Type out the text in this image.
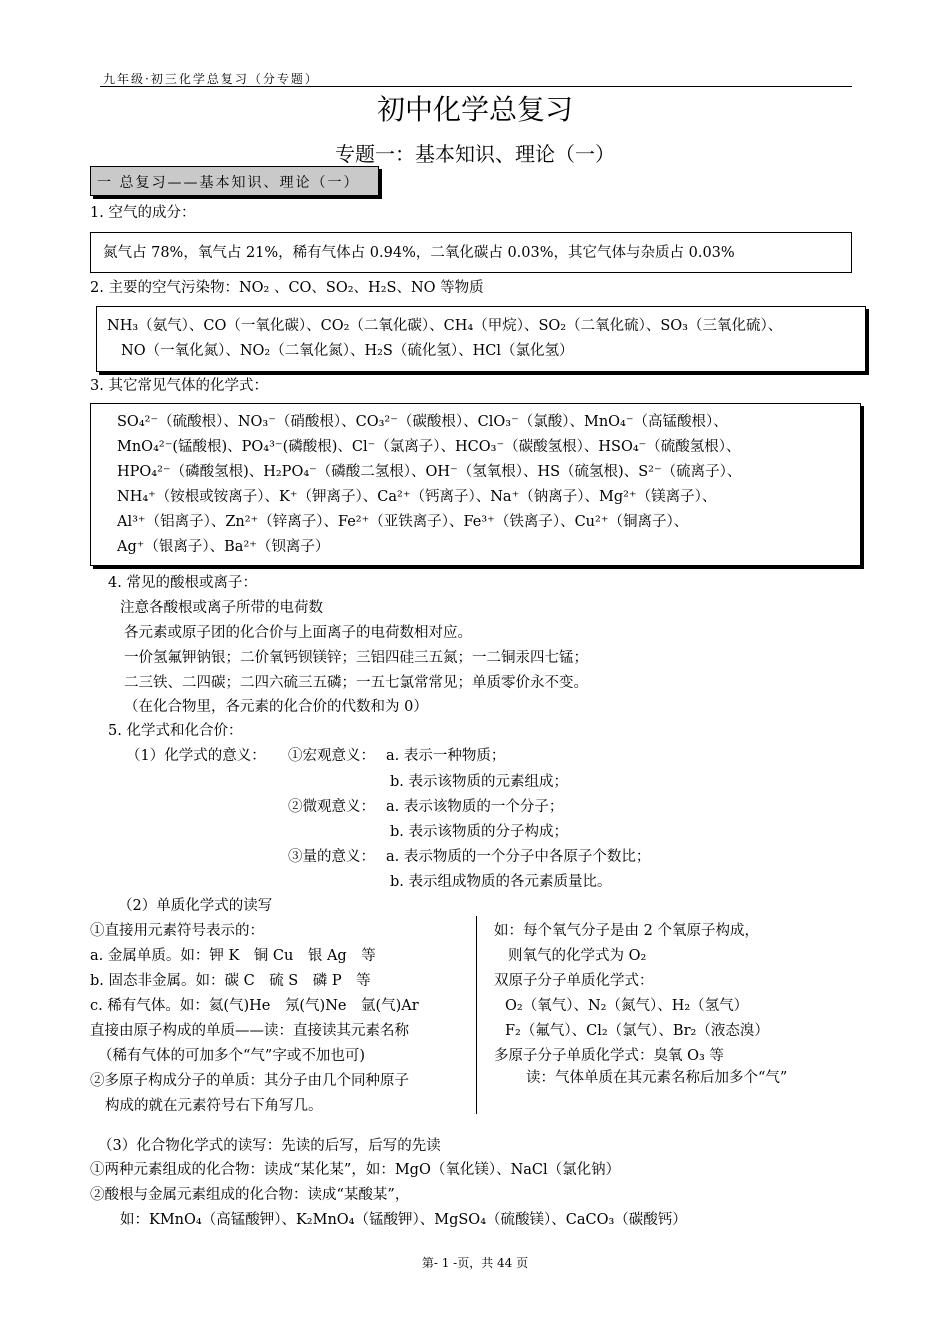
九年级·初三化学总复习（分专题）
初中化学总复习
专题一：基本知识、理论（一）
一 总复习——基本知识、理论（一）
1. 空气的成分：
氮气占 78%，氧气占 21%，稀有气体占 0.94%，二氧化碳占 0.03%，其它气体与杂质占 0.03%
2. 主要的空气污染物：NO₂ 、CO、SO₂、H₂S、NO 等物质
NH₃（氨气）、CO（一氧化碳）、CO₂（二氧化碳）、CH₄（甲烷）、SO₂（二氧化硫）、SO₃（三氧化硫）、
NO（一氧化氮）、NO₂（二氧化氮）、H₂S（硫化氢）、HCl（氯化氢）
3. 其它常见气体的化学式：
SO₄²⁻（硫酸根）、NO₃⁻（硝酸根）、CO₃²⁻（碳酸根）、ClO₃⁻（氯酸）、MnO₄⁻（高锰酸根）、
MnO₄²⁻(锰酸根)、PO₄³⁻(磷酸根)、Cl⁻（氯离子）、HCO₃⁻（碳酸氢根）、HSO₄⁻（硫酸氢根）、
HPO₄²⁻（磷酸氢根)、H₂PO₄⁻（磷酸二氢根）、OH⁻（氢氧根）、HS（硫氢根)、S²⁻（硫离子）、
NH₄⁺（铵根或铵离子）、K⁺（钾离子）、Ca²⁺（钙离子）、Na⁺（钠离子）、Mg²⁺（镁离子）、
Al³⁺（铝离子）、Zn²⁺（锌离子）、Fe²⁺（亚铁离子）、Fe³⁺（铁离子）、Cu²⁺（铜离子）、
Ag⁺（银离子）、Ba²⁺（钡离子）
4. 常见的酸根或离子：
注意各酸根或离子所带的电荷数
各元素或原子团的化合价与上面离子的电荷数相对应。
一价氢氟钾钠银；二价氧钙钡镁锌；三铝四硅三五氮；一二铜汞四七锰；
二三铁、二四碳；二四六硫三五磷；一五七氯常常见；单质零价永不变。
（在化合物里，各元素的化合价的代数和为 0）
5. 化学式和化合价：
（1）化学式的意义： ①宏观意义： a. 表示一种物质；
b. 表示该物质的元素组成；
②微观意义： a. 表示该物质的一个分子；
b. 表示该物质的分子构成；
③量的意义： a. 表示物质的一个分子中各原子个数比；
b. 表示组成物质的各元素质量比。
（2）单质化学式的读写
①直接用元素符号表示的：
a. 金属单质。如：钾 K　铜 Cu　银 Ag　等
b. 固态非金属。如：碳 C　硫 S　磷 P　等
c. 稀有气体。如：氦(气)He　氖(气)Ne　氩(气)Ar
直接由原子构成的单质——读：直接读其元素名称
（稀有气体的可加多个“气”字或不加也可)
②多原子构成分子的单质：其分子由几个同种原子
构成的就在元素符号右下角写几。
如：每个氧气分子是由 2 个氧原子构成，
则氧气的化学式为 O₂
双原子分子单质化学式：
O₂（氧气）、N₂（氮气）、H₂（氢气）
F₂（氟气）、Cl₂（氯气）、Br₂（液态溴）
多原子分子单质化学式：臭氧 O₃ 等
读：气体单质在其元素名称后加多个“气”
（3）化合物化学式的读写：先读的后写，后写的先读
①两种元素组成的化合物：读成“某化某”，如：MgO（氧化镁）、NaCl（氯化钠）
②酸根与金属元素组成的化合物：读成“某酸某”，
如：KMnO₄（高锰酸钾）、K₂MnO₄（锰酸钾）、MgSO₄（硫酸镁）、CaCO₃（碳酸钙）
第- 1 -页，共 44 页
